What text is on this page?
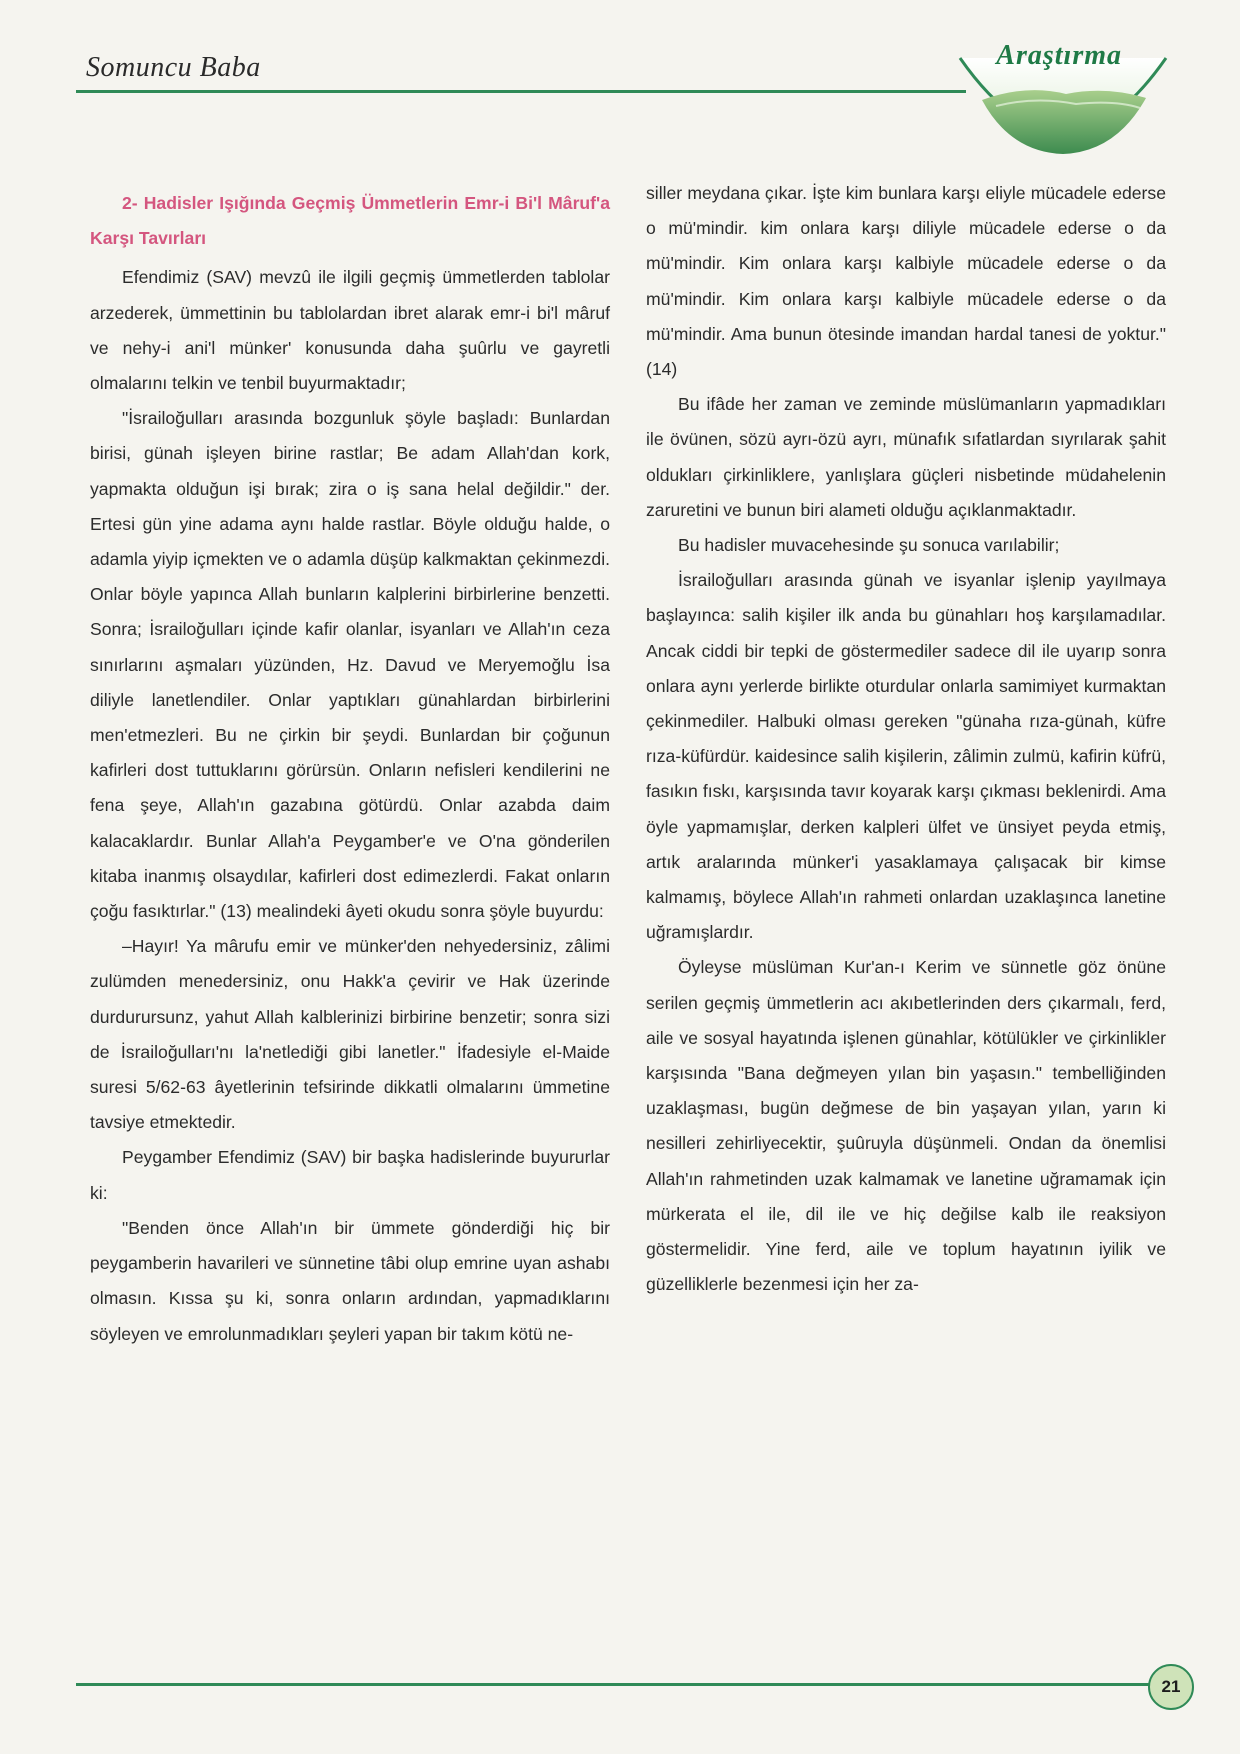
Somuncu Baba	Araştırma
2- Hadisler Işığında Geçmiş Ümmetlerin Emr-i Bi'l Mâruf'a Karşı Tavırları

Efendimiz (SAV) mevzû ile ilgili geçmiş ümmetlerden tablolar arzederek, ümmettinin bu tablolardan ibret alarak emr-i bi'l mâruf ve nehy-i ani'l münker' konusunda daha şuûrlu ve gayretli olmalarını telkin ve tenbil buyurmaktadır;

"İsrailoğulları arasında bozgunluk şöyle başladı: Bunlardan birisi, günah işleyen birine rastlar; Be adam Allah'dan kork, yapmakta olduğun işi bırak; zira o iş sana helal değildir." der. Ertesi gün yine adama aynı halde rastlar. Böyle olduğu halde, o adamla yiyip içmekten ve o adamla düşüp kalkmaktan çekinmezdi. Onlar böyle yapınca Allah bunların kalplerini birbirlerine benzetti. Sonra; İsrailoğulları içinde kafir olanlar, isyanları ve Allah'ın ceza sınırlarını aşmaları yüzünden, Hz. Davud ve Meryemoğlu İsa diliyle lanetlendiler. Onlar yaptıkları günahlardan birbirlerini men'etmezleri. Bu ne çirkin bir şeydi. Bunlardan bir çoğunun kafirleri dost tuttuklarını görürsün. Onların nefisleri kendilerini ne fena şeye, Allah'ın gazabına götürdü. Onlar azabda daim kalacaklardır. Bunlar Allah'a Peygamber'e ve O'na gönderilen kitaba inanmış olsaydılar, kafirleri dost edimezlerdi. Fakat onların çoğu fasıktırlar." (13) mealindeki âyeti okudu sonra şöyle buyurdu:

–Hayır! Ya mârufu emir ve münker'den nehyedersiniz, zâlimi zulümden menedersiniz, onu Hakk'a çevirir ve Hak üzerinde durdurursunz, yahut Allah kalblerinizi birbirine benzetir; sonra sizi de İsrailoğulları'nı la'netlediği gibi lanetler." İfadesiyle el-Maide suresi 5/62-63 âyetlerinin tefsirinde dikkatli olmalarını ümmetine tavsiye etmektedir.

Peygamber Efendimiz (SAV) bir başka hadislerinde buyururlar ki:

"Benden önce Allah'ın bir ümmete gönderdiği hiç bir peygamberin havarileri ve sünnetine tâbi olup emrine uyan ashabı olmasın. Kıssa şu ki, sonra onların ardından, yapmadıklarını söyleyen ve emrolunmadıkları şeyleri yapan bir takım kötü ne-

siller meydana çıkar. İşte kim bunlara karşı eliyle mücadele ederse o mü'mindir. kim onlara karşı diliyle mücadele ederse o da mü'mindir. Kim onlara karşı kalbiyle mücadele ederse o da mü'mindir. Kim onlara karşı kalbiyle mücadele ederse o da mü'mindir. Ama bunun ötesinde imandan hardal tanesi de yoktur." (14)

Bu ifâde her zaman ve zeminde müslümanların yapmadıkları ile övünen, sözü ayrı-özü ayrı, münafık sıfatlardan sıyrılarak şahit oldukları çirkinliklere, yanlışlara güçleri nisbetinde müdahelenin zaruretini ve bunun biri alameti olduğu açıklanmaktadır.

Bu hadisler muvacehesinde şu sonuca varılabilir;

İsrailoğulları arasında günah ve isyanlar işlenip yayılmaya başlayınca: salih kişiler ilk anda bu günahları hoş karşılamadılar. Ancak ciddi bir tepki de göstermediler sadece dil ile uyarıp sonra onlara aynı yerlerde birlikte oturdular onlarla samimiyet kurmaktan çekinmediler. Halbuki olması gereken "günaha rıza-günah, küfre rıza-küfürdür. kaidesince salih kişilerin, zâlimin zulmü, kafirin küfrü, fasıkın fıskı, karşısında tavır koyarak karşı çıkması beklenirdi. Ama öyle yapmamışlar, derken kalpleri ülfet ve ünsiyet peyda etmiş, artık aralarında münker'i yasaklamaya çalışacak bir kimse kalmamış, böylece Allah'ın rahmeti onlardan uzaklaşınca lanetine uğramışlardır.

Öyleyse müslüman Kur'an-ı Kerim ve sünnetle göz önüne serilen geçmiş ümmetlerin acı akıbetlerinden ders çıkarmalı, ferd, aile ve sosyal hayatında işlenen günahlar, kötülükler ve çirkinlikler karşısında "Bana değmeyen yılan bin yaşasın." tembelliğinden uzaklaşması, bugün değmese de bin yaşayan yılan, yarın ki nesilleri zehirliyecektir, şuûruyla düşünmeli. Ondan da önemlisi Allah'ın rahmetinden uzak kalmamak ve lanetine uğramamak için mürkerata el ile, dil ile ve hiç değilse kalb ile reaksiyon göstermelidir. Yine ferd, aile ve toplum hayatının iyilik ve güzelliklerle bezenmesi için her za-

21
